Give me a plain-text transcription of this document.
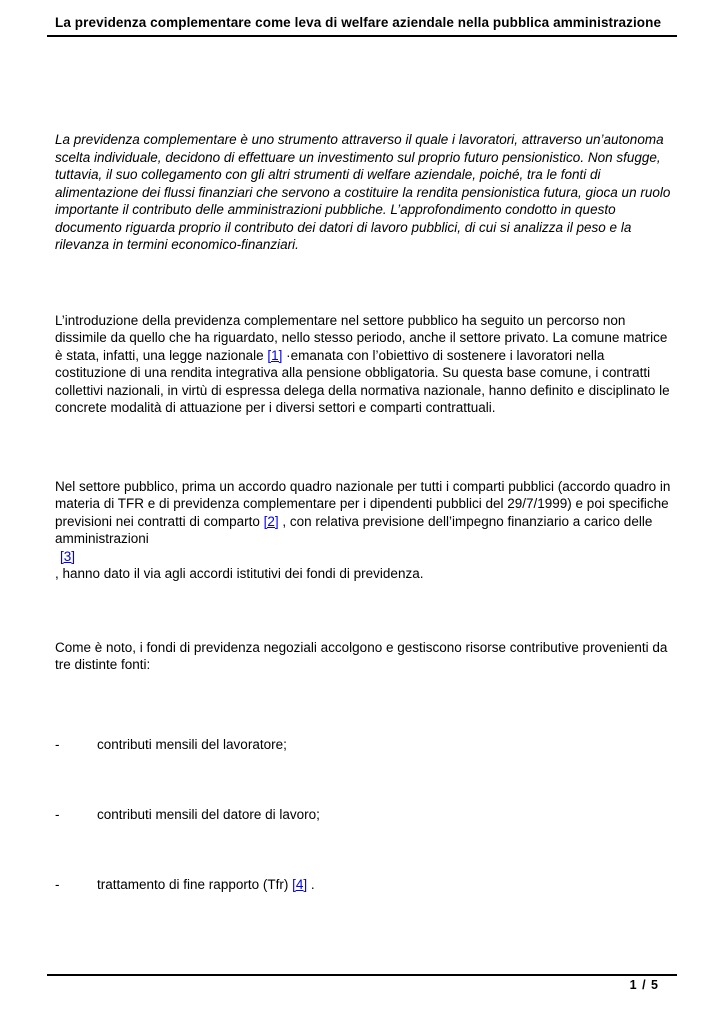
La previdenza complementare come leva di welfare aziendale nella pubblica amministrazione

La previdenza complementare è uno strumento attraverso il quale i lavoratori, attraverso un’autonoma scelta individuale, decidono di effettuare un investimento sul proprio futuro pensionistico. Non sfugge, tuttavia, il suo collegamento con gli altri strumenti di welfare aziendale, poiché, tra le fonti di alimentazione dei flussi finanziari che servono a costituire la rendita pensionistica futura, gioca un ruolo importante il contributo delle amministrazioni pubbliche. L’approfondimento condotto in questo documento riguarda proprio il contributo dei datori di lavoro pubblici, di cui si analizza il peso e la rilevanza in termini economico-finanziari.

L’introduzione della previdenza complementare nel settore pubblico ha seguito un percorso non dissimile da quello che ha riguardato, nello stesso periodo, anche il settore privato. La comune matrice è stata, infatti, una legge nazionale [1] ·emanata con l’obiettivo di sostenere i lavoratori nella costituzione di una rendita integrativa alla pensione obbligatoria. Su questa base comune, i contratti collettivi nazionali, in virtù di espressa delega della normativa nazionale, hanno definito e disciplinato le concrete modalità di attuazione per i diversi settori e comparti contrattuali.

Nel settore pubblico, prima un accordo quadro nazionale per tutti i comparti pubblici (accordo quadro in materia di TFR e di previdenza complementare per i dipendenti pubblici del 29/7/1999) e poi specifiche previsioni nei contratti di comparto [2] , con relativa previsione dell’impegno finanziario a carico delle amministrazioni
[3]
, hanno dato il via agli accordi istitutivi dei fondi di previdenza.

Come è noto, i fondi di previdenza negoziali accolgono e gestiscono risorse contributive provenienti da tre distinte fonti:

-	contributi mensili del lavoratore;
-	contributi mensili del datore di lavoro;
-	trattamento di fine rapporto (Tfr) [4] .
1 / 5
